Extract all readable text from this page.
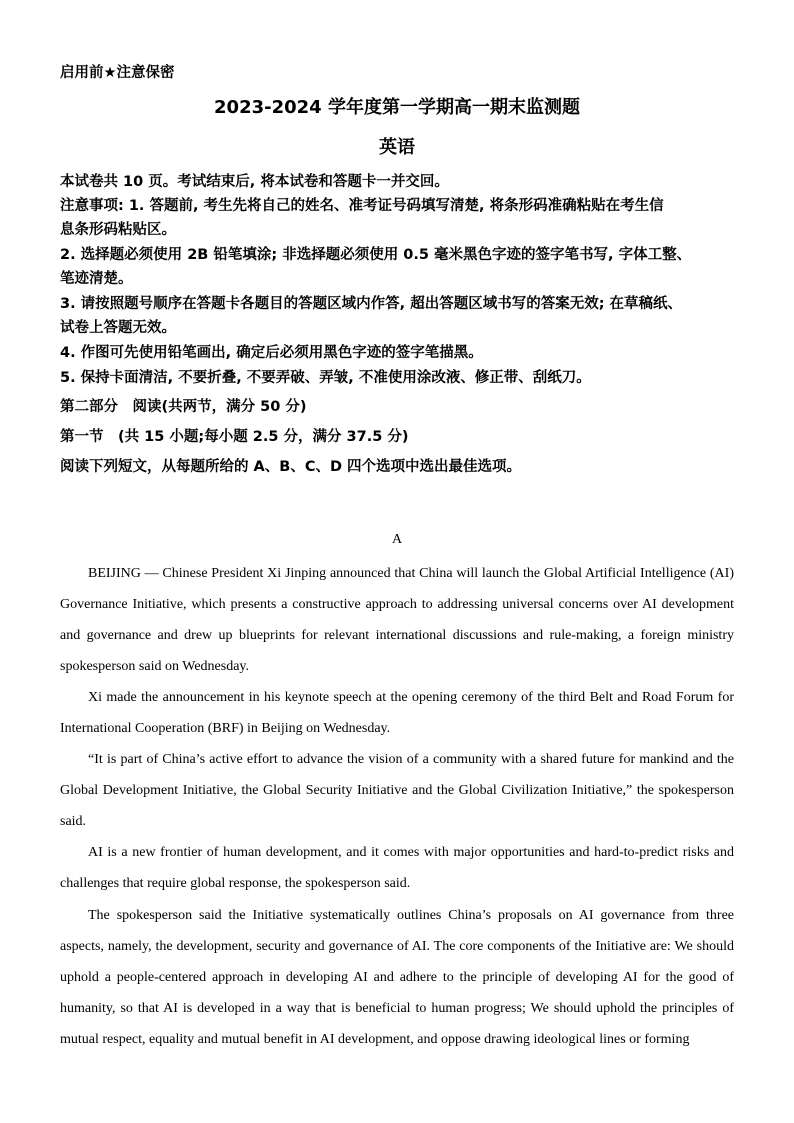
启用前★注意保密
2023-2024 学年度第一学期高一期末监测题
英语
本试卷共 10 页。考试结束后, 将本试卷和答题卡一并交回。
注意事项: 1. 答题前, 考生先将自己的姓名、准考证号码填写清楚, 将条形码准确粘贴在考生信
息条形码粘贴区。
2. 选择题必须使用 2B 铅笔填涂; 非选择题必须使用 0.5 毫米黑色字迹的签字笔书写, 字体工整、
笔迹清楚。
3. 请按照题号顺序在答题卡各题目的答题区域内作答, 超出答题区域书写的答案无效; 在草稿纸、
试卷上答题无效。
4. 作图可先使用铅笔画出, 确定后必须用黑色字迹的签字笔描黑。
5. 保持卡面清洁, 不要折叠, 不要弄破、弄皱, 不准使用涂改液、修正带、刮纸刀。
第二部分　阅读(共两节，满分 50 分)
第一节　(共 15 小题;每小题 2.5 分，满分 37.5 分)
阅读下列短文，从每题所给的 A、B、C、D 四个选项中选出最佳选项。
A

BEIJING — Chinese President Xi Jinping announced that China will launch the Global Artificial Intelligence (AI) Governance Initiative, which presents a constructive approach to addressing universal concerns over AI development and governance and drew up blueprints for relevant international discussions and rule-making, a foreign ministry spokesperson said on Wednesday.

Xi made the announcement in his keynote speech at the opening ceremony of the third Belt and Road Forum for International Cooperation (BRF) in Beijing on Wednesday.

“It is part of China’s active effort to advance the vision of a community with a shared future for mankind and the Global Development Initiative, the Global Security Initiative and the Global Civilization Initiative,” the spokesperson said.

AI is a new frontier of human development, and it comes with major opportunities and hard-to-predict risks and challenges that require global response, the spokesperson said.

The spokesperson said the Initiative systematically outlines China’s proposals on AI governance from three aspects, namely, the development, security and governance of AI. The core components of the Initiative are: We should uphold a people-centered approach in developing AI and adhere to the principle of developing AI for the good of humanity, so that AI is developed in a way that is beneficial to human progress; We should uphold the principles of mutual respect, equality and mutual benefit in AI development, and oppose drawing ideological lines or forming
